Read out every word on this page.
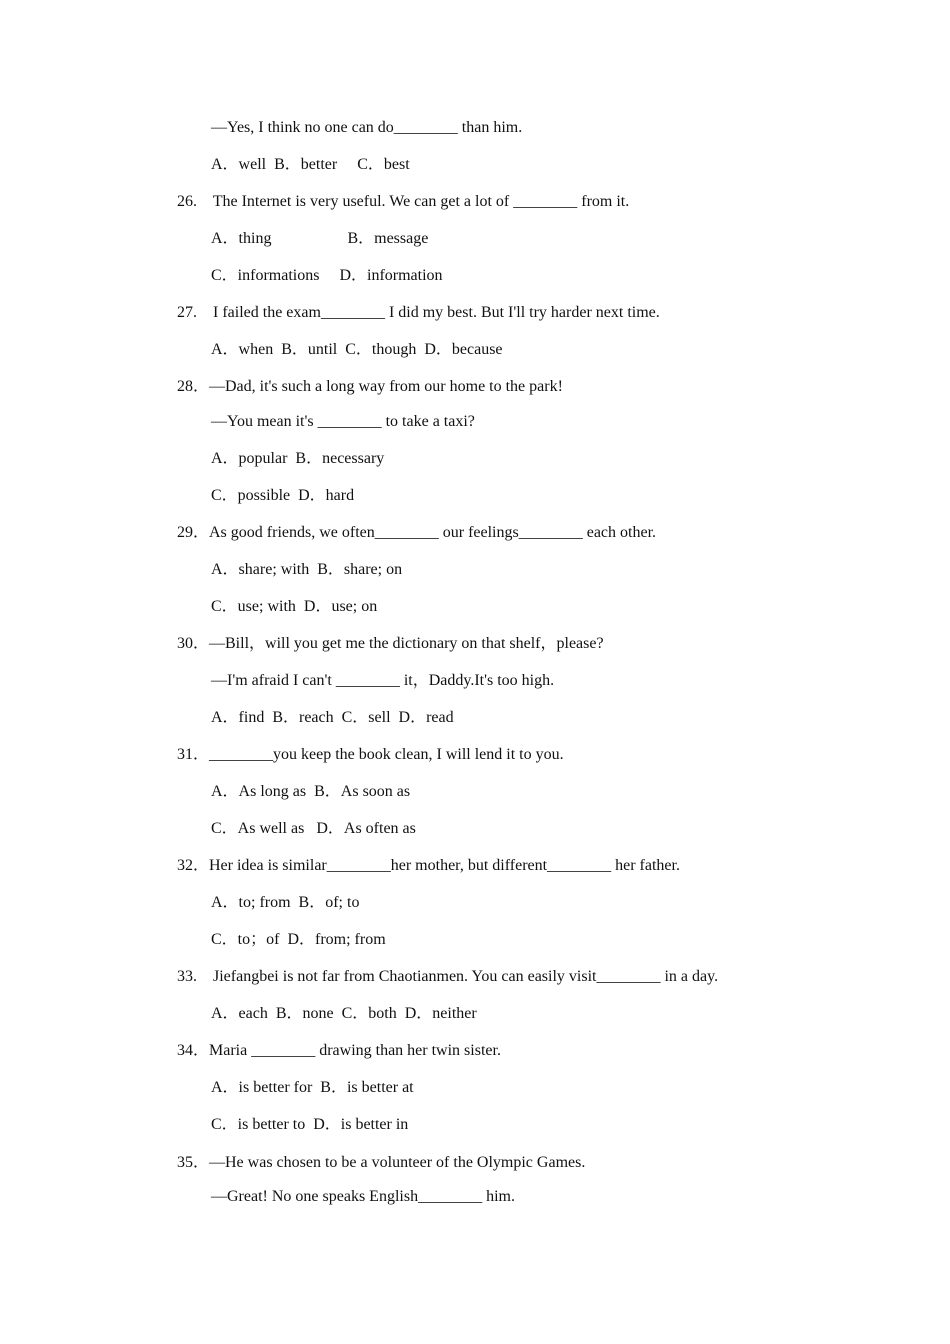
—Yes, I think no one can do________ than him.
A．well  B．better     C．best
26.    The Internet is very useful. We can get a lot of ________ from it.
A．thing                   B．message
C．informations     D．information
27.    I failed the exam________ I did my best. But I'll try harder next time.
A．when  B．until  C．though  D．because
28．—Dad, it's such a long way from our home to the park!
—You mean it's ________ to take a taxi?
A．popular  B．necessary
C．possible  D．hard
29．As good friends, we often________ our feelings________ each other.
A．share; with  B．share; on
C．use; with  D．use; on
30．—Bill，will you get me the dictionary on that shelf，please?
—I'm afraid I can't ________ it，Daddy.It's too high.
A．find  B．reach  C．sell  D．read
31．________you keep the book clean, I will lend it to you.
A．As long as  B．As soon as
C．As well as   D．As often as
32．Her idea is similar________her mother, but different________ her father.
A．to; from  B．of; to
C．to；of  D．from; from
33.    Jiefangbei is not far from Chaotianmen. You can easily visit________ in a day.
A．each  B．none  C．both  D．neither
34．Maria ________ drawing than her twin sister.
A．is better for  B．is better at
C．is better to  D．is better in
35．—He was chosen to be a volunteer of the Olympic Games.
—Great! No one speaks English________ him.
